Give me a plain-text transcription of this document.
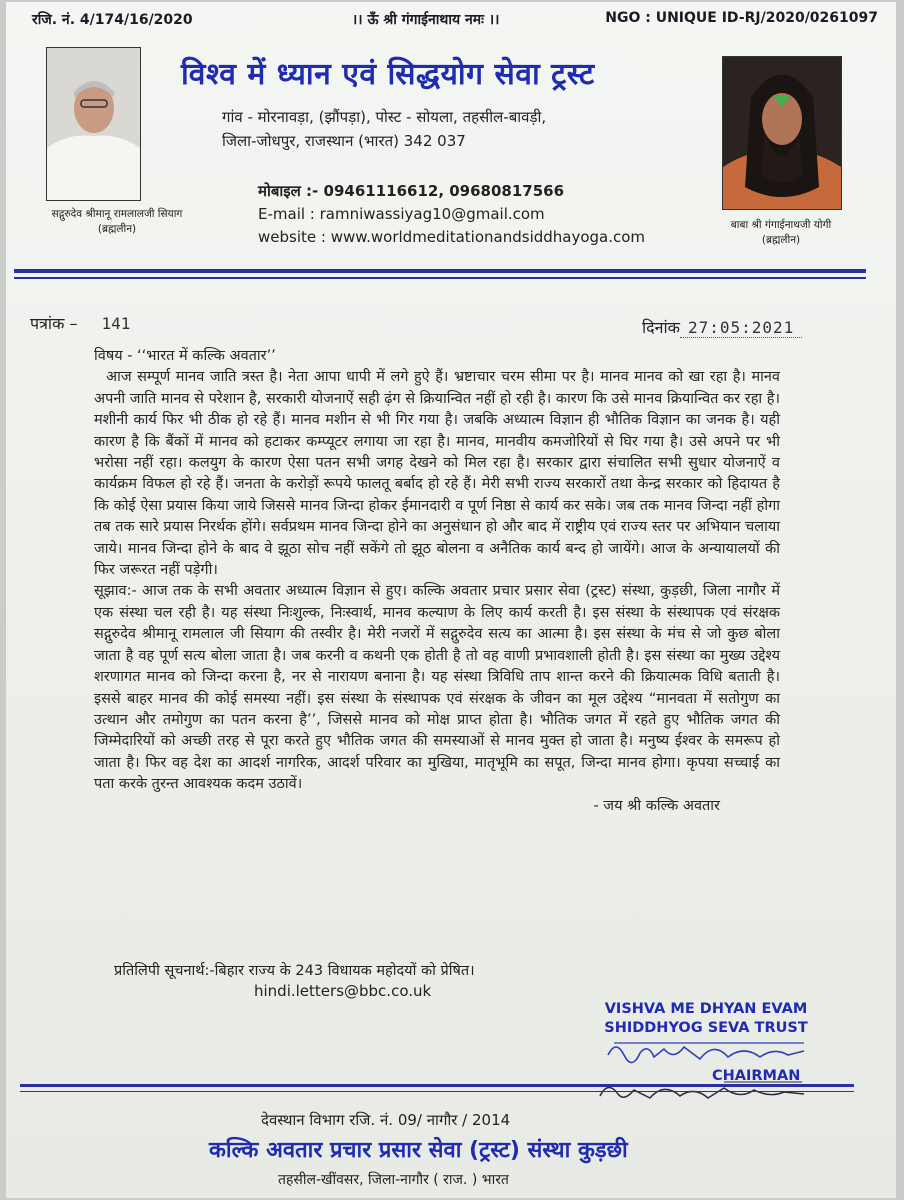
रजि. नं. 4/174/16/2020	।। ऊँ श्री गंगाईनाथाय नमः ।।	NGO : UNIQUE ID-RJ/2020/0261097
सद्गुरुदेव श्रीमानू रामलालजी सियाग
(ब्रह्मलीन)
विश्व में ध्यान एवं सिद्धयोग सेवा ट्रस्ट
गांव - मोरनावड़ा, (झौंपड़ा), पोस्ट - सोयला, तहसील-बावड़ी,
जिला-जोधपुर, राजस्थान (भारत) 342 037
मोबाइल :- 09461116612, 09680817566
E-mail : ramniwassiyag10@gmail.com
website : www.worldmeditationandsiddhayoga.com
बाबा श्री गंगाईनाथजी योगी
(ब्रह्मलीन)
पत्रांक – 141	दिनांक 27:05:2021

विषय - ‘‘भारत में कल्कि अवतार’’

आज सम्पूर्ण मानव जाति त्रस्त है। नेता आपा धापी में लगे हुऐ हैं। भ्रष्टाचार चरम सीमा पर है। मानव मानव को खा रहा है। मानव अपनी जाति मानव से परेशान है, सरकारी योजनाऐं सही ढ़ंग से क्रियान्वित नहीं हो रही है। कारण कि उसे मानव क्रियान्वित कर रहा है। मशीनी कार्य फिर भी ठीक हो रहे हैं। मानव मशीन से भी गिर गया है। जबकि अध्यात्म विज्ञान ही भौतिक विज्ञान का जनक है। यही कारण है कि बैंकों में मानव को हटाकर कम्प्यूटर लगाया जा रहा है। मानव, मानवीय कमजोरियों से घिर गया है। उसे अपने पर भी भरोसा नहीं रहा। कलयुग के कारण ऐसा पतन सभी जगह देखने को मिल रहा है। सरकार द्वारा संचालित सभी सुधार योजनाऐं व कार्यक्रम विफल हो रहे हैं। जनता के करोड़ों रूपये फालतू बर्बाद हो रहे हैं। मेरी सभी राज्य सरकारों तथा केन्द्र सरकार को हिदायत है कि कोई ऐसा प्रयास किया जाये जिससे मानव जिन्दा होकर ईमानदारी व पूर्ण निष्ठा से कार्य कर सके। जब तक मानव जिन्दा नहीं होगा तब तक सारे प्रयास निरर्थक होंगे। सर्वप्रथम मानव जिन्दा होने का अनुसंधान हो और बाद में राष्ट्रीय एवं राज्य स्तर पर अभियान चलाया जाये। मानव जिन्दा होने के बाद वे झूठा सोच नहीं सकेंगे तो झूठ बोलना व अनैतिक कार्य बन्द हो जायेंगे। आज के अन्यायालयों की फिर जरूरत नहीं पड़ेगी।

सूझाव:- आज तक के सभी अवतार अध्यात्म विज्ञान से हुए। कल्कि अवतार प्रचार प्रसार सेवा (ट्रस्ट) संस्था, कुड़छी, जिला नागौर में एक संस्था चल रही है। यह संस्था निःशुल्क, निःस्वार्थ, मानव कल्याण के लिए कार्य करती है। इस संस्था के संस्थापक एवं संरक्षक सद्गुरुदेव श्रीमानू रामलाल जी सियाग की तस्वीर है। मेरी नजरों में सद्गुरुदेव सत्य का आत्मा है। इस संस्था के मंच से जो कुछ बोला जाता है वह पूर्ण सत्य बोला जाता है। जब करनी व कथनी एक होती है तो वह वाणी प्रभावशाली होती है। इस संस्था का मुख्य उद्देश्य शरणागत मानव को जिन्दा करना है, नर से नारायण बनाना है। यह संस्था त्रिविधि ताप शान्त करने की क्रियात्मक विधि बताती है। इससे बाहर मानव की कोई समस्या नहीं। इस संस्था के संस्थापक एवं संरक्षक के जीवन का मूल उद्देश्य “मानवता में सतोगुण का उत्थान और तमोगुण का पतन करना है’’, जिससे मानव को मोक्ष प्राप्त होता है। भौतिक जगत में रहते हुए भौतिक जगत की जिम्मेदारियों को अच्छी तरह से पूरा करते हुए भौतिक जगत की समस्याओं से मानव मुक्त हो जाता है। मनुष्य ईश्वर के समरूप हो जाता है। फिर वह देश का आदर्श नागरिक, आदर्श परिवार का मुखिया, मातृभूमि का सपूत, जिन्दा मानव होगा। कृपया सच्चाई का पता करके तुरन्त आवश्यक कदम उठावें।

- जय श्री कल्कि अवतार
प्रतिलिपी सूचनार्थ:-बिहार राज्य के 243 विधायक महोदयों को प्रेषित।
hindi.letters@bbc.co.uk
VISHVA ME DHYAN EVAM
SHIDDHYOG SEVA TRUST
CHAIRMAN
देवस्थान विभाग रजि. नं. 09/ नागौर / 2014
कल्कि अवतार प्रचार प्रसार सेवा (ट्रस्ट) संस्था कुड़छी
तहसील-खींवसर, जिला-नागौर ( राज. ) भारत
